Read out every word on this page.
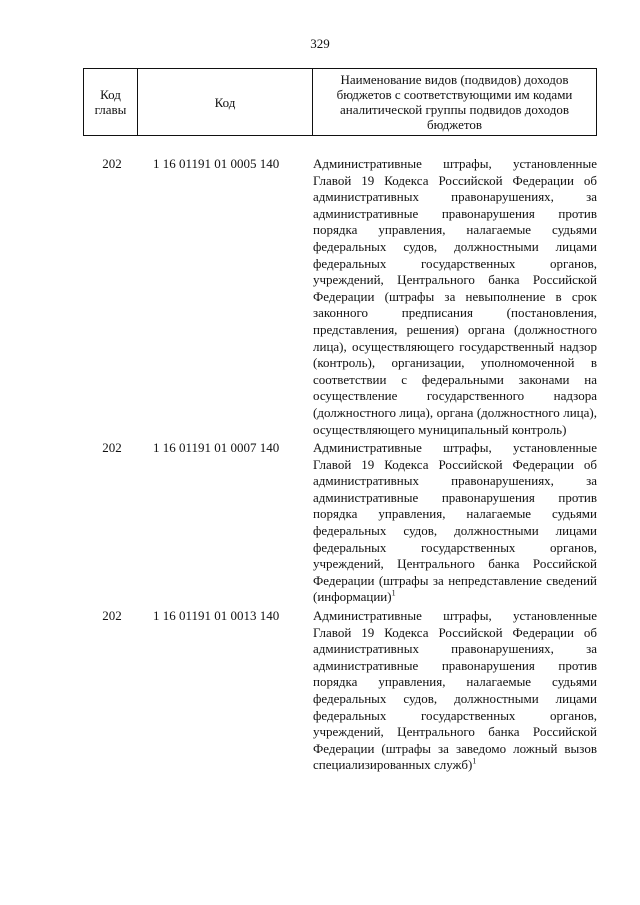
329
Код главы	Код	Наименование видов (подвидов) доходов бюджетов с соответствующими им кодами аналитической группы подвидов доходов бюджетов
202	1 16 01191 01 0005 140	Административные штрафы, установленные Главой 19 Кодекса Российской Федерации об административных правонарушениях, за административные правонарушения против порядка управления, налагаемые судьями федеральных судов, должностными лицами федеральных государственных органов, учреждений, Центрального банка Российской Федерации (штрафы за невыполнение в срок законного предписания (постановления, представления, решения) органа (должностного лица), осуществляющего государственный надзор (контроль), организации, уполномоченной в соответствии с федеральными законами на осуществление государственного надзора (должностного лица), органа (должностного лица), осуществляющего муниципальный контроль)
202	1 16 01191 01 0007 140	Административные штрафы, установленные Главой 19 Кодекса Российской Федерации об административных правонарушениях, за административные правонарушения против порядка управления, налагаемые судьями федеральных судов, должностными лицами федеральных государственных органов, учреждений, Центрального банка Российской Федерации (штрафы за непредставление сведений (информации)$^1$
202	1 16 01191 01 0013 140	Административные штрафы, установленные Главой 19 Кодекса Российской Федерации об административных правонарушениях, за административные правонарушения против порядка управления, налагаемые судьями федеральных судов, должностными лицами федеральных государственных органов, учреждений, Центрального банка Российской Федерации (штрафы за заведомо ложный вызов специализированных служб)$^1$
